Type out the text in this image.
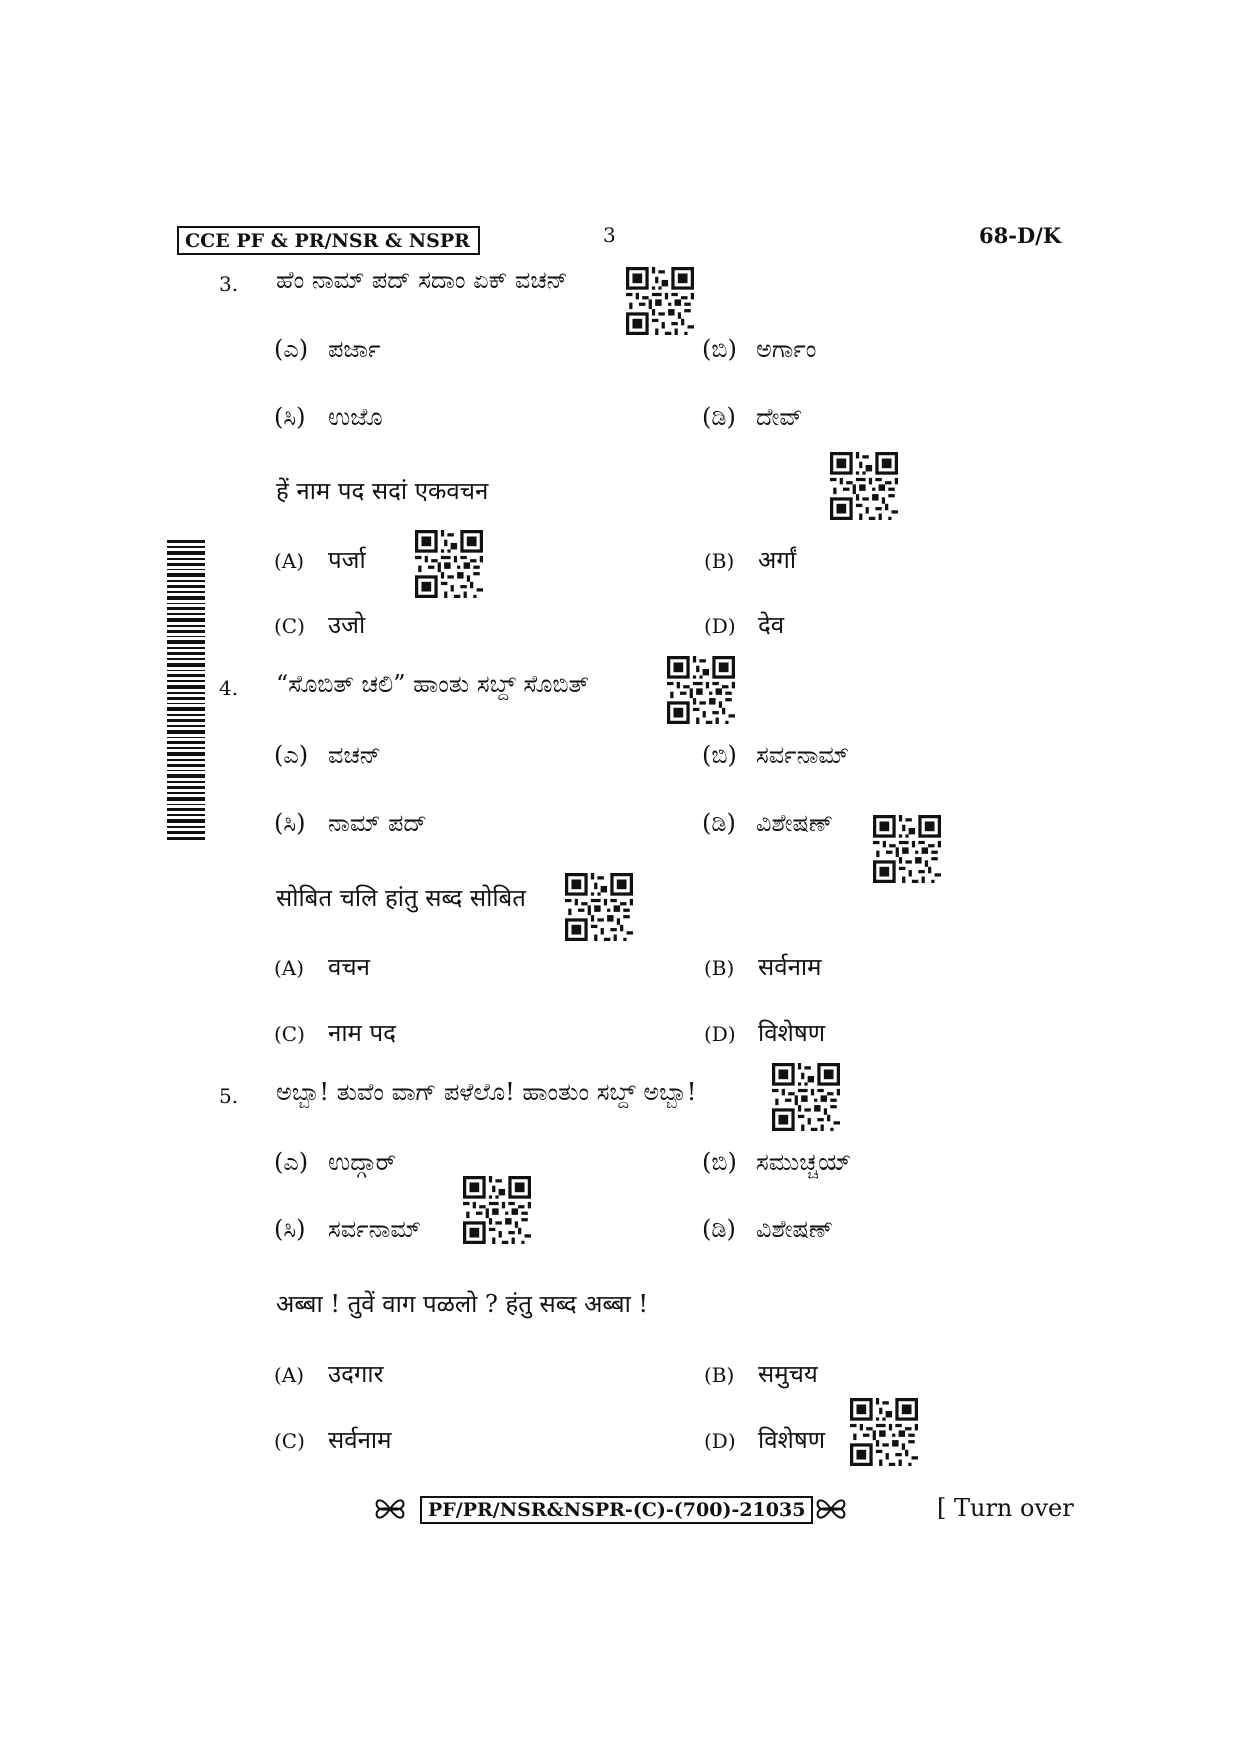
CCE PF & PR/NSR & NSPR	3	68-D/K
3. ಹೆಂ ನಾಮ್ ಪದ್ ಸದಾಂ ಏಕ್ ವಚನ್
(ಎ) ಪರ್ಜಾ	(ಬಿ) ಅರ್ಗಾಂ
(ಸಿ) ಉಜೊ	(ಡಿ) ದೇವ್
हें नाम पद सदां एकवचन
(A) पर्जा	(B) अर्गां
(C) उजो	(D) देव
4. “ಸೊಬಿತ್ ಚಲಿ” ಹಾಂತು ಸಬ್ದ್ ಸೊಬಿತ್
(ಎ) ವಚನ್	(ಬಿ) ಸರ್ವನಾಮ್
(ಸಿ) ನಾಮ್ ಪದ್	(ಡಿ) ವಿಶೇಷಣ್
सोबित चलि हांतु सब्द सोबित
(A) वचन	(B) सर्वनाम
(C) नाम पद	(D) विशेषण
5. ಅಬ್ಬಾ! ತುವೆಂ ವಾಗ್ ಪಳೆಲೊ! ಹಾಂತುಂ ಸಬ್ದ್ ಅಬ್ಬಾ!
(ಎ) ಉದ್ಗಾರ್	(ಬಿ) ಸಮುಚ್ಚಯ್
(ಸಿ) ಸರ್ವನಾಮ್	(ಡಿ) ವಿಶೇಷಣ್
अब्बा ! तुवें वाग पळलो ? हंतु सब्द अब्बा !
(A) उदगार	(B) समुचय
(C) सर्वनाम	(D) विशेषण
PF/PR/NSR&NSPR-(C)-(700)-21035	[ Turn over
